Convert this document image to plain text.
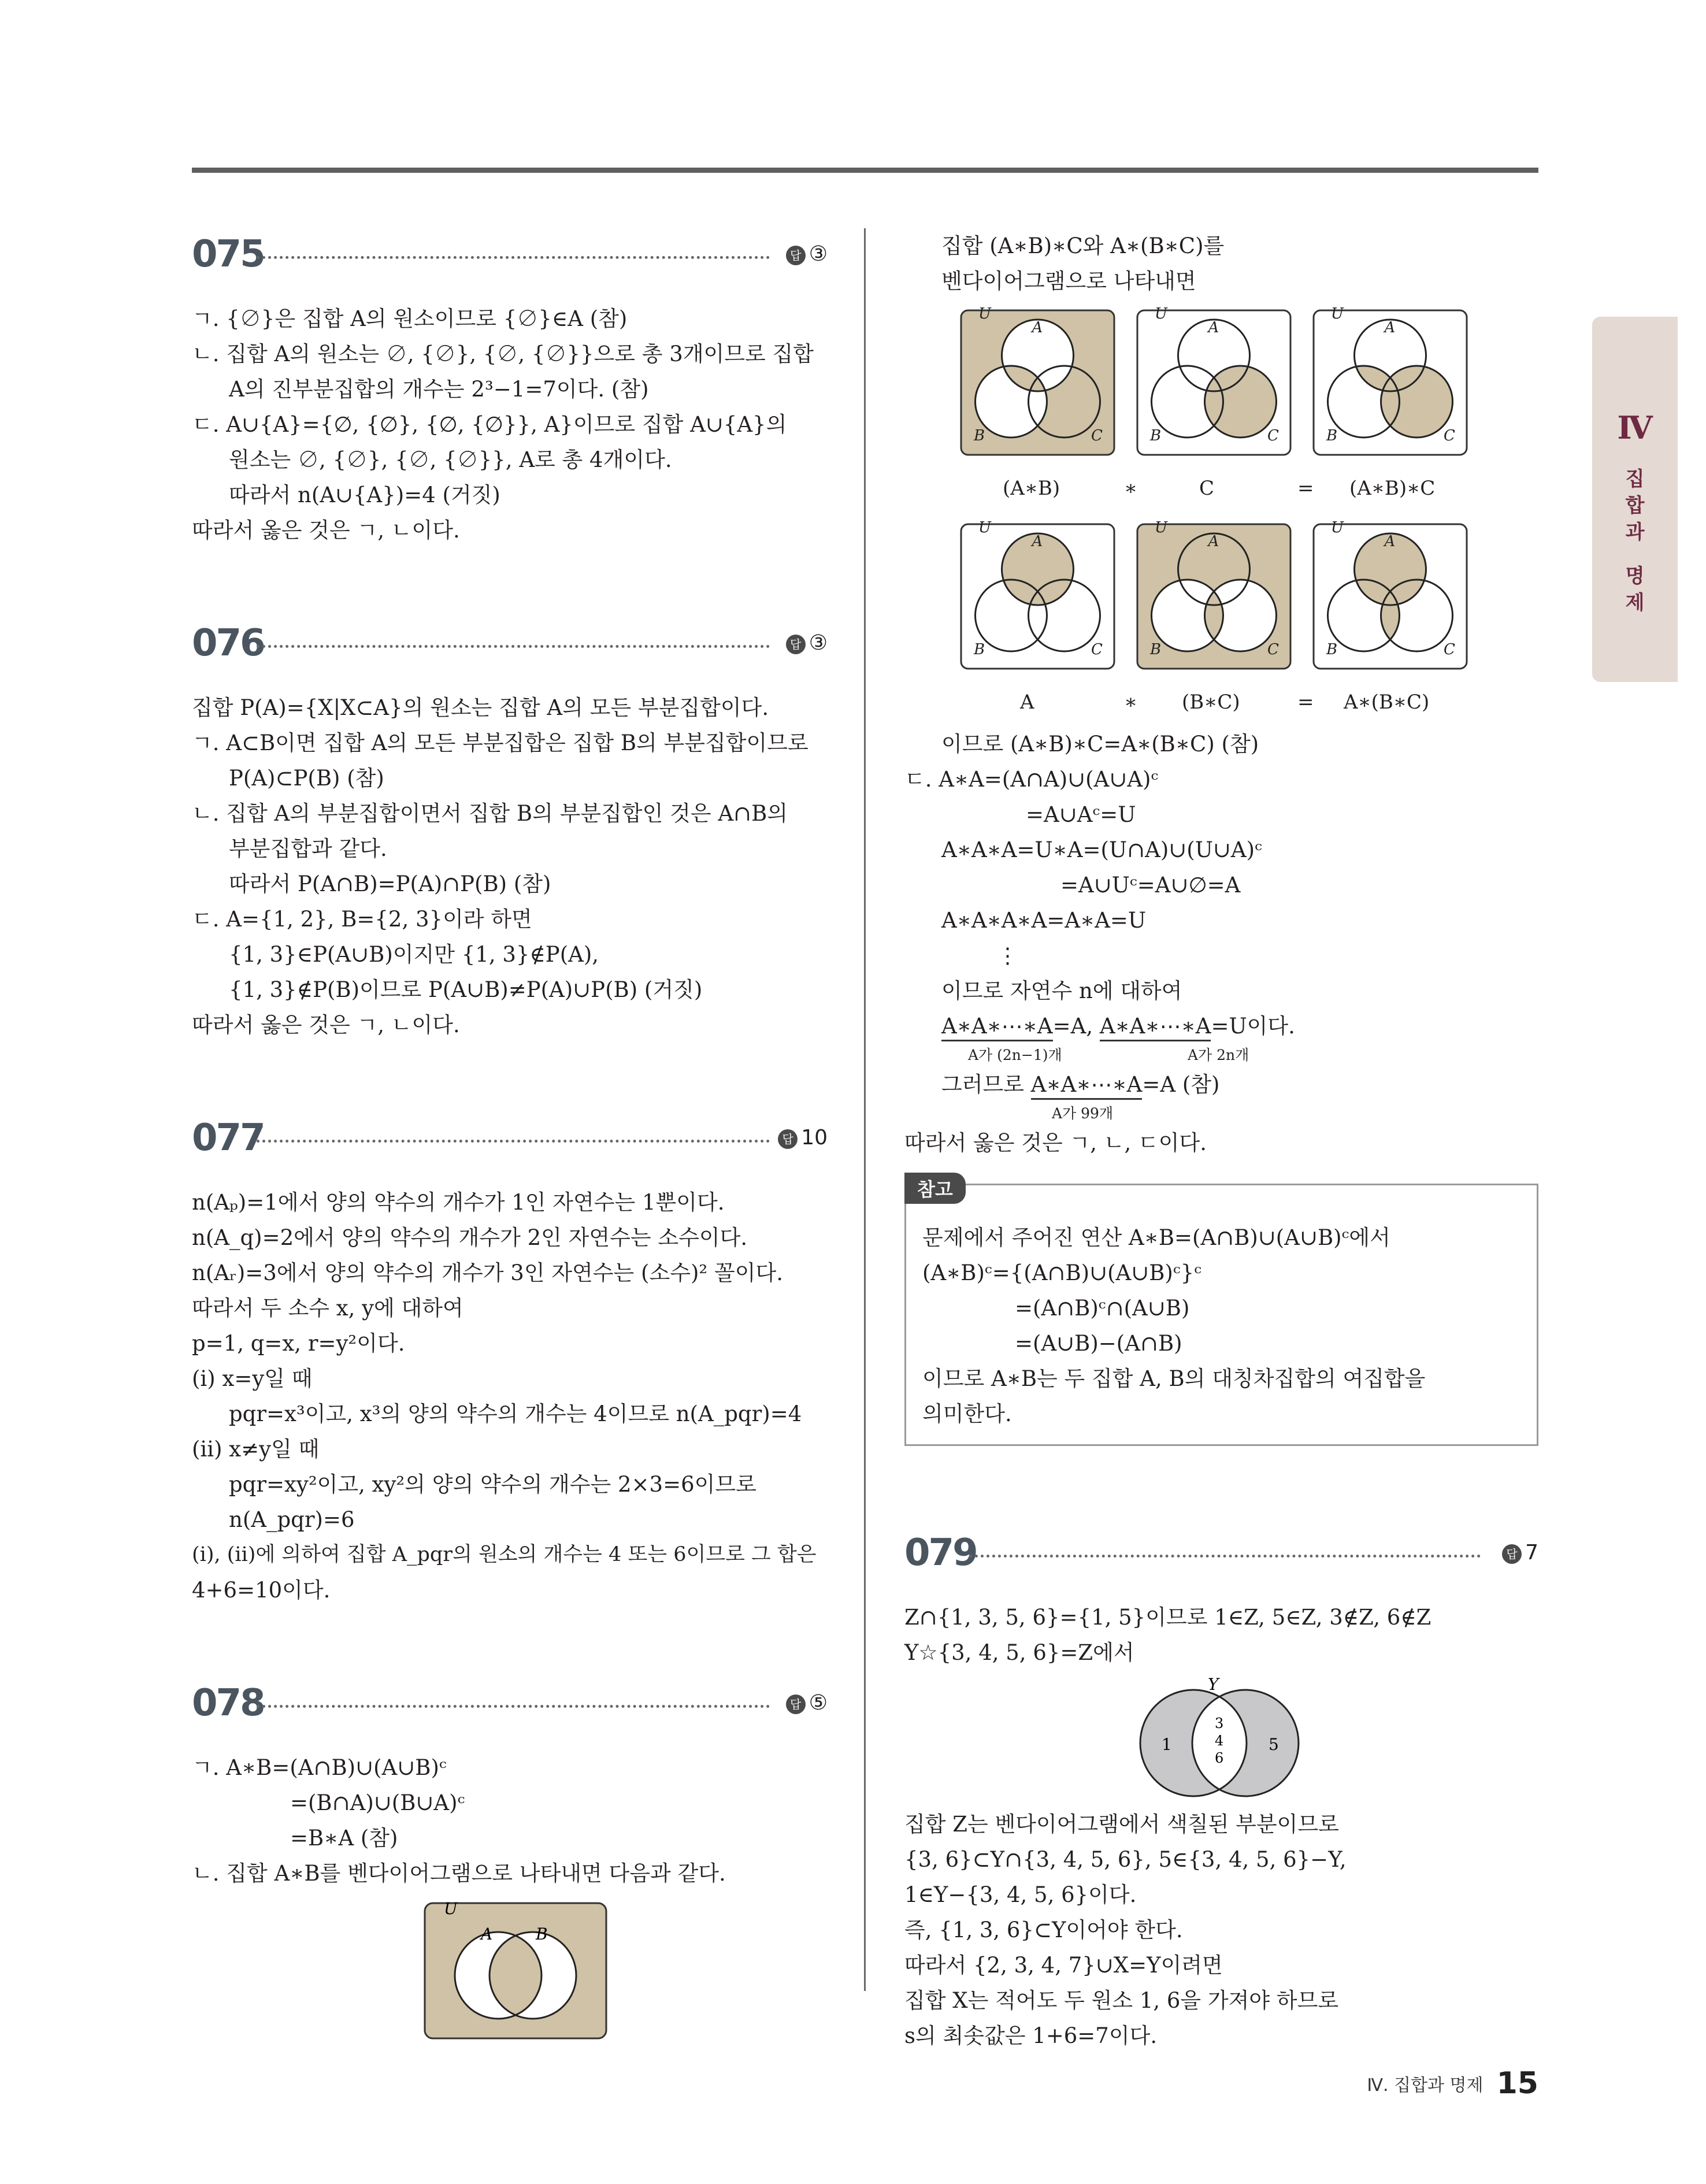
Ⅳ
집
합
과
명
제
075	답 ③
ㄱ. {∅}은 집합 A의 원소이므로 {∅}∈A (참)
ㄴ. 집합 A의 원소는 ∅, {∅}, {∅, {∅}}으로 총 3개이므로 집합
A의 진부분집합의 개수는 2³−1=7이다. (참)
ㄷ. A∪{A}={∅, {∅}, {∅, {∅}}, A}이므로 집합 A∪{A}의
원소는 ∅, {∅}, {∅, {∅}}, A로 총 4개이다.
따라서 n(A∪{A})=4 (거짓)
따라서 옳은 것은 ㄱ, ㄴ이다.
076	답 ③
집합 P(A)={X|X⊂A}의 원소는 집합 A의 모든 부분집합이다.
ㄱ. A⊂B이면 집합 A의 모든 부분집합은 집합 B의 부분집합이므로
P(A)⊂P(B) (참)
ㄴ. 집합 A의 부분집합이면서 집합 B의 부분집합인 것은 A∩B의
부분집합과 같다.
따라서 P(A∩B)=P(A)∩P(B) (참)
ㄷ. A={1, 2}, B={2, 3}이라 하면
{1, 3}∈P(A∪B)이지만 {1, 3}∉P(A),
{1, 3}∉P(B)이므로 P(A∪B)≠P(A)∪P(B) (거짓)
따라서 옳은 것은 ㄱ, ㄴ이다.
077	답 10
n(Aₚ)=1에서 양의 약수의 개수가 1인 자연수는 1뿐이다.
n(A_q)=2에서 양의 약수의 개수가 2인 자연수는 소수이다.
n(Aᵣ)=3에서 양의 약수의 개수가 3인 자연수는 (소수)² 꼴이다.
따라서 두 소수 x, y에 대하여
p=1, q=x, r=y²이다.
(ⅰ) x=y일 때
pqr=x³이고, x³의 양의 약수의 개수는 4이므로 n(A_pqr)=4
(ⅱ) x≠y일 때
pqr=xy²이고, xy²의 양의 약수의 개수는 2×3=6이므로
n(A_pqr)=6
(ⅰ), (ⅱ)에 의하여 집합 A_pqr의 원소의 개수는 4 또는 6이므로 그 합은
4+6=10이다.
078	답 ⑤
ㄱ. A∗B=(A∩B)∪(A∪B)ᶜ
=(B∩A)∪(B∪A)ᶜ
=B∗A (참)
ㄴ. 집합 A∗B를 벤다이어그램으로 나타내면 다음과 같다.
U
A	B
집합 (A∗B)∗C와 A∗(B∗C)를
벤다이어그램으로 나타내면
U
A
B	C
U
A
B	C
U
A
B	C
(A∗B)	∗	C	= (A∗B)∗C
U
A
B	C
U
A
B	C
U
A
B	C
A	∗ (B∗C)	= A∗(B∗C)
이므로 (A∗B)∗C=A∗(B∗C) (참)
ㄷ. A∗A=(A∩A)∪(A∪A)ᶜ
=A∪Aᶜ=U
A∗A∗A=U∗A=(U∩A)∪(U∪A)ᶜ
=A∪Uᶜ=A∪∅=A
A∗A∗A∗A=A∗A=U
⋮
이므로 자연수 n에 대하여
A∗A∗⋯∗A=A, A∗A∗⋯∗A=U이다.
A가 (2n−1)개	A가 2n개
그러므로 A∗A∗⋯∗A=A (참)
A가 99개
따라서 옳은 것은 ㄱ, ㄴ, ㄷ이다.
참고
문제에서 주어진 연산 A∗B=(A∩B)∪(A∪B)ᶜ에서
(A∗B)ᶜ={(A∩B)∪(A∪B)ᶜ}ᶜ
=(A∩B)ᶜ∩(A∪B)
=(A∪B)−(A∩B)
이므로 A∗B는 두 집합 A, B의 대칭차집합의 여집합을
의미한다.
079	답 7
Z∩{1, 3, 5, 6}={1, 5}이므로 1∈Z, 5∈Z, 3∉Z, 6∉Z
Y☆{3, 4, 5, 6}=Z에서
Y
1
3
4
6
5
집합 Z는 벤다이어그램에서 색칠된 부분이므로
{3, 6}⊂Y∩{3, 4, 5, 6}, 5∈{3, 4, 5, 6}−Y,
1∈Y−{3, 4, 5, 6}이다.
즉, {1, 3, 6}⊂Y이어야 한다.
따라서 {2, 3, 4, 7}∪X=Y이려면
집합 X는 적어도 두 원소 1, 6을 가져야 하므로
s의 최솟값은 1+6=7이다.
Ⅳ. 집합과 명제 15
